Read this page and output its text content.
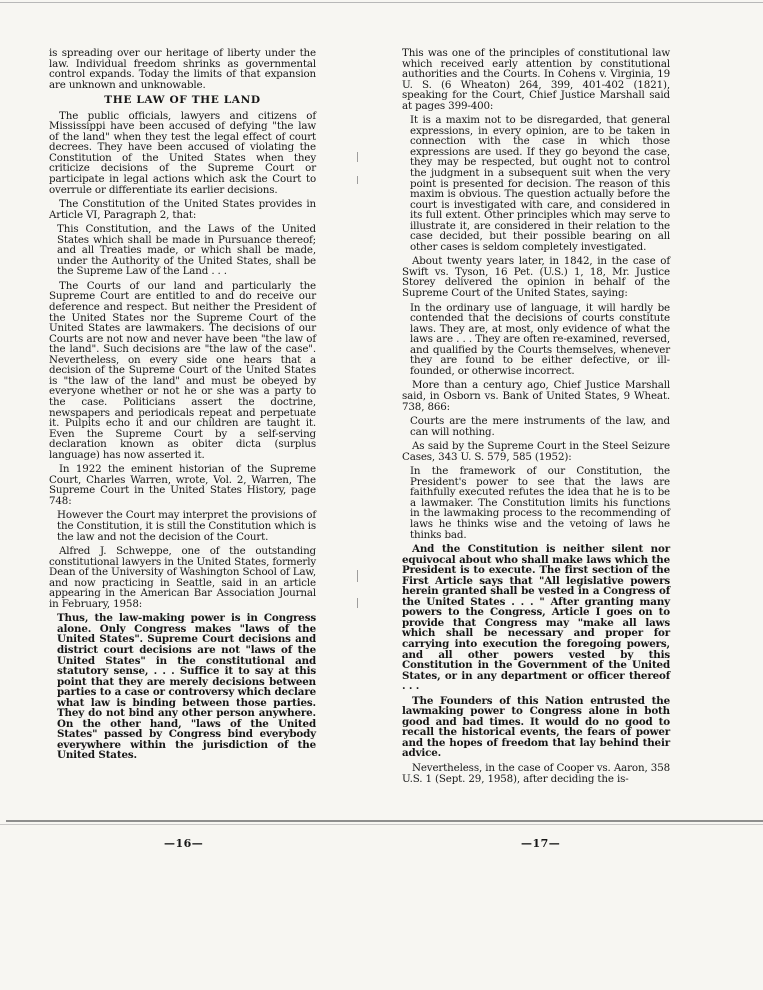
is spreading over our heritage of liberty under the law. Individual freedom shrinks as governmental control expands. Today the limits of that expansion are unknown and unknowable.

THE LAW OF THE LAND

The public officials, lawyers and citizens of Mississippi have been accused of defying "the law of the land" when they test the legal effect of court decrees. They have been accused of violating the Constitution of the United States when they criticize decisions of the Supreme Court or participate in legal actions which ask the Court to overrule or differentiate its earlier decisions.

The Constitution of the United States provides in Article VI, Paragraph 2, that:

This Constitution, and the Laws of the United States which shall be made in Pursuance thereof; and all Treaties made, or which shall be made, under the Authority of the United States, shall be the Supreme Law of the Land . . .

The Courts of our land and particularly the Supreme Court are entitled to and do receive our deference and respect. But neither the President of the United States nor the Supreme Court of the United States are lawmakers. The decisions of our Courts are not now and never have been "the law of the land". Such decisions are "the law of the case". Nevertheless, on every side one hears that a decision of the Supreme Court of the United States is "the law of the land" and must be obeyed by everyone whether or not he or she was a party to the case. Politicians assert the doctrine, newspapers and periodicals repeat and perpetuate it. Pulpits echo it and our children are taught it. Even the Supreme Court by a self-serving declaration known as obiter dicta (surplus language) has now asserted it.

In 1922 the eminent historian of the Supreme Court, Charles Warren, wrote, Vol. 2, Warren, The Supreme Court in the United States History, page 748:

However the Court may interpret the provisions of the Constitution, it is still the Constitution which is the law and not the decision of the Court.

Alfred J. Schweppe, one of the outstanding constitutional lawyers in the United States, formerly Dean of the University of Washington School of Law, and now practicing in Seattle, said in an article appearing in the American Bar Association Journal in February, 1958:

Thus, the law-making power is in Congress alone. Only Congress makes "laws of the United States". Supreme Court decisions and district court decisions are not "laws of the United States" in the constitutional and statutory sense, . . . Suffice it to say at this point that they are merely decisions between parties to a case or controversy which declare what law is binding between those parties. They do not bind any other person anywhere. On the other hand, "laws of the United States" passed by Congress bind everybody everywhere within the jurisdiction of the United States.

This was one of the principles of constitutional law which received early attention by constitutional authorities and the Courts. In Cohens v. Virginia, 19 U. S. (6 Wheaton) 264, 399, 401-402 (1821), speaking for the Court, Chief Justice Marshall said at pages 399-400:

It is a maxim not to be disregarded, that general expressions, in every opinion, are to be taken in connection with the case in which those expressions are used. If they go beyond the case, they may be respected, but ought not to control the judgment in a subsequent suit when the very point is presented for decision. The reason of this maxim is obvious. The question actually before the court is investigated with care, and considered in its full extent. Other principles which may serve to illustrate it, are considered in their relation to the case decided, but their possible bearing on all other cases is seldom completely investigated.

About twenty years later, in 1842, in the case of Swift vs. Tyson, 16 Pet. (U.S.) 1, 18, Mr. Justice Storey delivered the opinion in behalf of the Supreme Court of the United States, saying:

In the ordinary use of language, it will hardly be contended that the decisions of courts constitute laws. They are, at most, only evidence of what the laws are . . . They are often re-examined, reversed, and qualified by the Courts themselves, whenever they are found to be either defective, or ill-founded, or otherwise incorrect.

More than a century ago, Chief Justice Marshall said, in Osborn vs. Bank of United States, 9 Wheat. 738, 866:

Courts are the mere instruments of the law, and can will nothing.

As said by the Supreme Court in the Steel Seizure Cases, 343 U. S. 579, 585 (1952):

In the framework of our Constitution, the President's power to see that the laws are faithfully executed refutes the idea that he is to be a lawmaker. The Constitution limits his functions in the lawmaking process to the recommending of laws he thinks wise and the vetoing of laws he thinks bad.

And the Constitution is neither silent nor equivocal about who shall make laws which the President is to execute. The first section of the First Article says that "All legislative powers herein granted shall be vested in a Congress of the United States . . . " After granting many powers to the Congress, Article I goes on to provide that Congress may "make all laws which shall be necessary and proper for carrying into execution the foregoing powers, and all other powers vested by this Constitution in the Government of the United States, or in any department or officer thereof . . .

The Founders of this Nation entrusted the lawmaking power to Congress alone in both good and bad times. It would do no good to recall the historical events, the fears of power and the hopes of freedom that lay behind their advice.

Nevertheless, in the case of Cooper vs. Aaron, 358 U.S. 1 (Sept. 29, 1958), after deciding the is-

—16—	—17—
